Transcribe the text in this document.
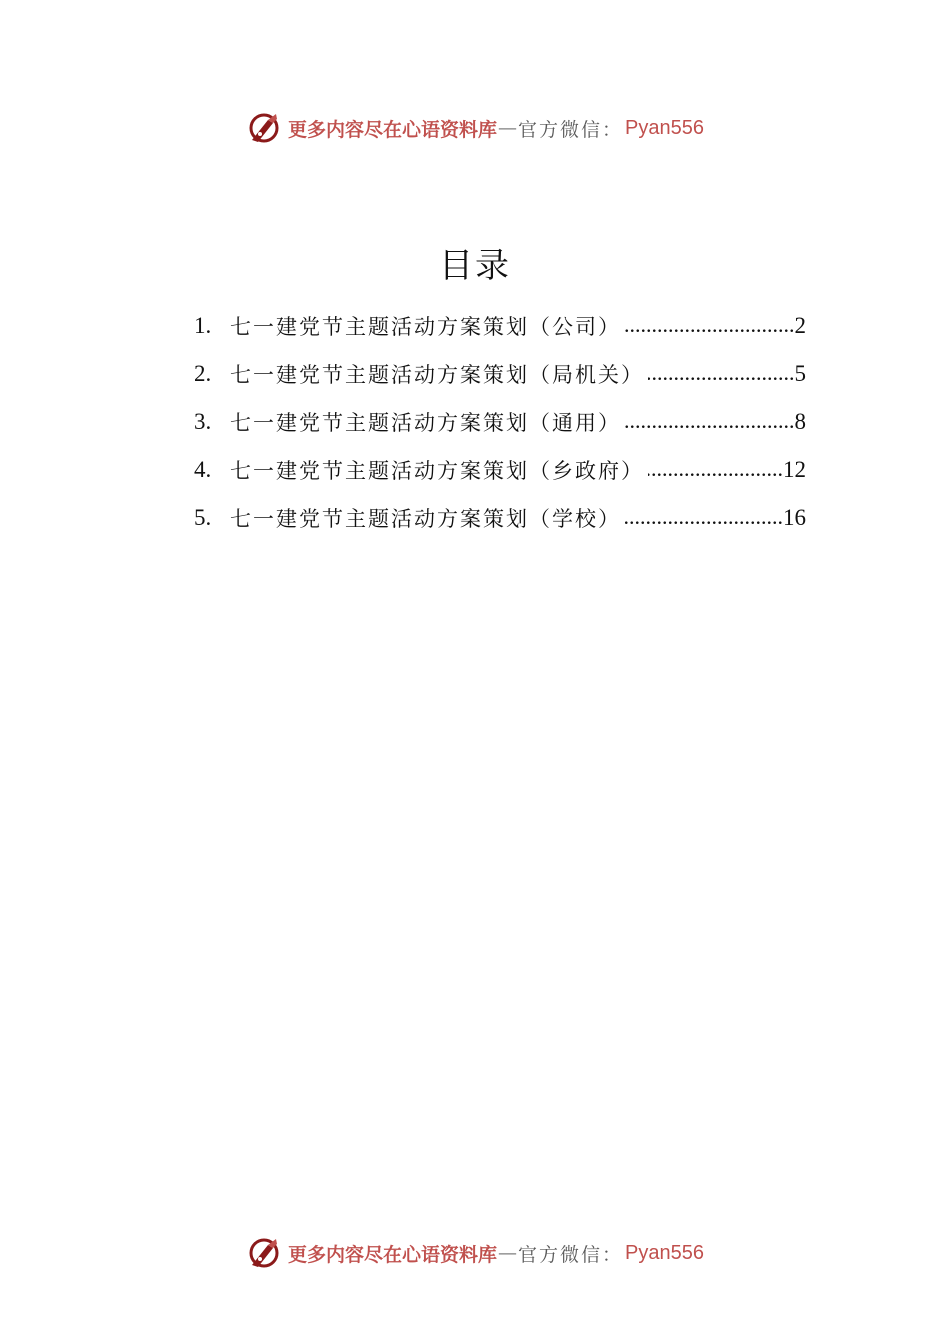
更多内容尽在心语资料库 — 官方微信： Pyan556
目录
1. 七一建党节主题活动方案策划（公司） .....	2
2. 七一建党节主题活动方案策划（局机关） .....	5
3. 七一建党节主题活动方案策划（通用） .....	8
4. 七一建党节主题活动方案策划（乡政府） .....	12
5. 七一建党节主题活动方案策划（学校） .....	16
更多内容尽在心语资料库 — 官方微信： Pyan556
